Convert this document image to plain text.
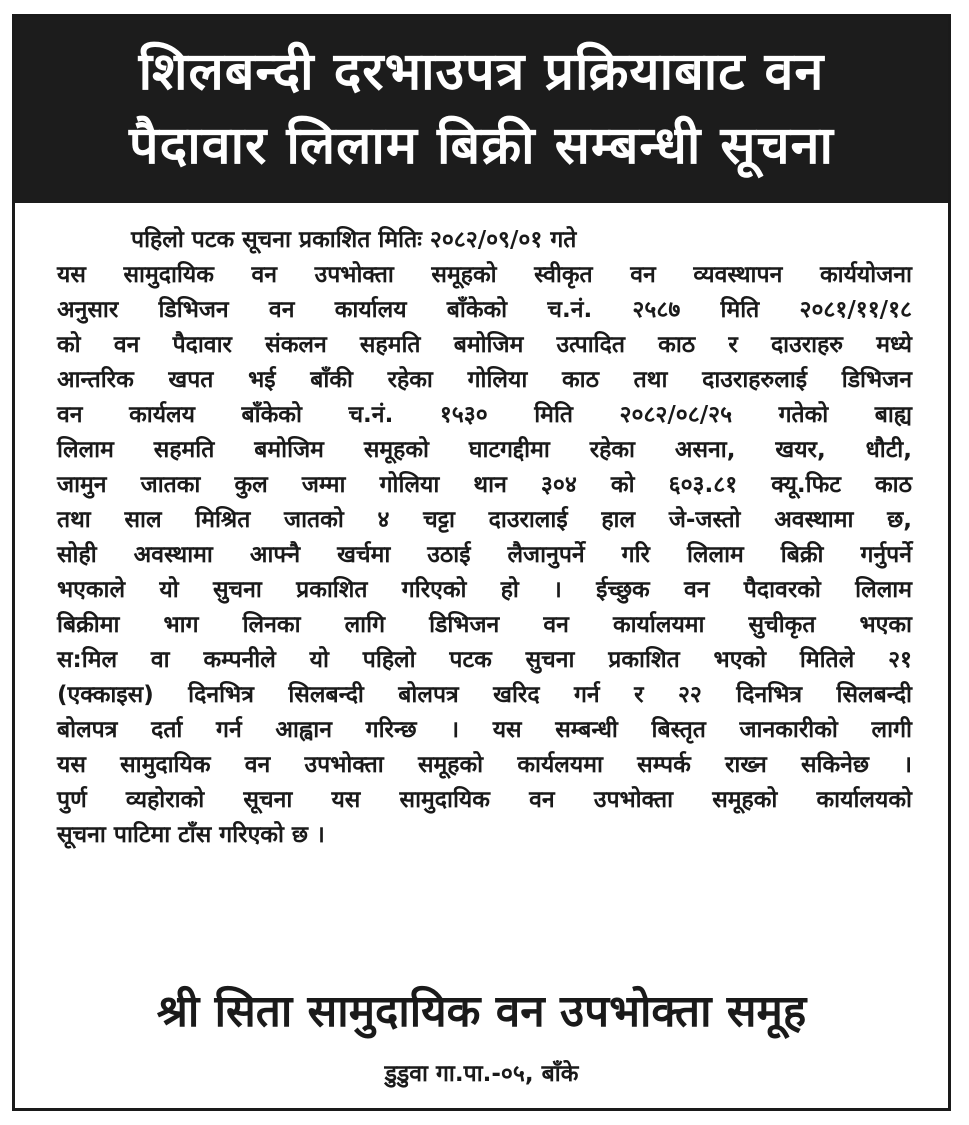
शिलबन्दी दरभाउपत्र प्रक्रियाबाट वन
पैदावार लिलाम बिक्री सम्बन्धी सूचना
पहिलो पटक सूचना प्रकाशित मितिः २०८२/०९/०१ गते
यस सामुदायिक वन उपभोक्ता समूहको स्वीकृत वन व्यवस्थापन कार्ययोजना
अनुसार डिभिजन वन कार्यालय बाँकेको च.नं. २५८७ मिति २०८१/११/१८
को वन पैदावार संकलन सहमति बमोजिम उत्पादित काठ र दाउराहरु मध्ये
आन्तरिक खपत भई बाँकी रहेका गोलिया काठ तथा दाउराहरुलाई डिभिजन
वन कार्यलय बाँकेको च.नं. १५३० मिति २०८२/०८/२५ गतेको बाह्य
लिलाम सहमति बमोजिम समूहको घाटगद्दीमा रहेका असना, खयर, धौटी,
जामुन जातका कुल जम्मा गोलिया थान ३०४ को ६०३.८१ क्यू.फिट काठ
तथा साल मिश्रित जातको ४ चट्टा दाउरालाई हाल जे-जस्तो अवस्थामा छ,
सोही अवस्थामा आफ्नै खर्चमा उठाई लैजानुपर्ने गरि लिलाम बिक्री गर्नुपर्ने
भएकाले यो सुचना प्रकाशित गरिएको हो । ईच्छुक वन पैदावरको लिलाम
बिक्रीमा भाग लिनका लागि डिभिजन वन कार्यालयमा सुचीकृत भएका
स:मिल वा कम्पनीले यो पहिलो पटक सुचना प्रकाशित भएको मितिले २१
(एक्काइस) दिनभित्र सिलबन्दी बोलपत्र खरिद गर्न र २२ दिनभित्र सिलबन्दी
बोलपत्र दर्ता गर्न आह्वान गरिन्छ । यस सम्बन्धी बिस्तृत जानकारीको लागी
यस सामुदायिक वन उपभोक्ता समूहको कार्यलयमा सम्पर्क राख्न सकिनेछ ।
पुर्ण व्यहोराको सूचना यस सामुदायिक वन उपभोक्ता समूहको कार्यालयको
सूचना पाटिमा टाँस गरिएको छ ।
श्री सिता सामुदायिक वन उपभोक्ता समूह
डुडुवा गा.पा.-०५, बाँके
